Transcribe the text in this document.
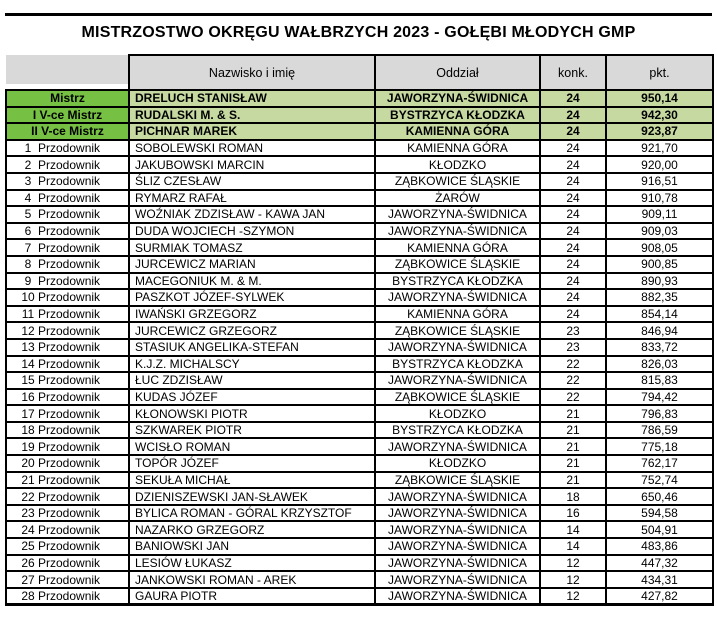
MISTRZOSTWO OKRĘGU WAŁBRZYCH 2023 - GOŁĘBI MŁODYCH GMP
	Nazwisko i imię	Oddział	konk.	pkt.
Mistrz	DRELUCH STANISŁAW	JAWORZYNA-ŚWIDNICA	24	950,14
I V-ce Mistrz	RUDALSKI M. & S.	BYSTRZYCA KŁODZKA	24	942,30
II V-ce Mistrz	PICHNAR MAREK	KAMIENNA GÓRA	24	923,87
1 Przodownik	SOBOLEWSKI ROMAN	KAMIENNA GÓRA	24	921,70
2 Przodownik	JAKUBOWSKI MARCIN	KŁODZKO	24	920,00
3 Przodownik	ŚLIZ CZESŁAW	ZĄBKOWICE ŚLĄSKIE	24	916,51
4 Przodownik	RYMARZ RAFAŁ	ŻARÓW	24	910,78
5 Przodownik	WOŹNIAK ZDZISŁAW - KAWA JAN	JAWORZYNA-ŚWIDNICA	24	909,11
6 Przodownik	DUDA WOJCIECH -SZYMON	JAWORZYNA-ŚWIDNICA	24	909,03
7 Przodownik	SURMIAK TOMASZ	KAMIENNA GÓRA	24	908,05
8 Przodownik	JURCEWICZ MARIAN	ZĄBKOWICE ŚLĄSKIE	24	900,85
9 Przodownik	MACEGONIUK M. & M.	BYSTRZYCA KŁODZKA	24	890,93
10 Przodownik	PASZKOT JÓZEF-SYLWEK	JAWORZYNA-ŚWIDNICA	24	882,35
11 Przodownik	IWAŃSKI GRZEGORZ	KAMIENNA GÓRA	24	854,14
12 Przodownik	JURCEWICZ GRZEGORZ	ZĄBKOWICE ŚLĄSKIE	23	846,94
13 Przodownik	STASIUK ANGELIKA-STEFAN	JAWORZYNA-ŚWIDNICA	23	833,72
14 Przodownik	K.J.Z. MICHALSCY	BYSTRZYCA KŁODZKA	22	826,03
15 Przodownik	ŁUC ZDZISŁAW	JAWORZYNA-ŚWIDNICA	22	815,83
16 Przodownik	KUDAS JÓZEF	ZĄBKOWICE ŚLĄSKIE	22	794,42
17 Przodownik	KŁONOWSKI PIOTR	KŁODZKO	21	796,83
18 Przodownik	SZKWAREK PIOTR	BYSTRZYCA KŁODZKA	21	786,59
19 Przodownik	WCISŁO ROMAN	JAWORZYNA-ŚWIDNICA	21	775,18
20 Przodownik	TOPÓR JÓZEF	KŁODZKO	21	762,17
21 Przodownik	SEKUŁA MICHAŁ	ZĄBKOWICE ŚLĄSKIE	21	752,74
22 Przodownik	DZIENISZEWSKI JAN-SŁAWEK	JAWORZYNA-ŚWIDNICA	18	650,46
23 Przodownik	BYLICA ROMAN - GÓRAL KRZYSZTOF	JAWORZYNA-ŚWIDNICA	16	594,58
24 Przodownik	NAZARKO GRZEGORZ	JAWORZYNA-ŚWIDNICA	14	504,91
25 Przodownik	BANIOWSKI JAN	JAWORZYNA-ŚWIDNICA	14	483,86
26 Przodownik	LESIÓW ŁUKASZ	JAWORZYNA-ŚWIDNICA	12	447,32
27 Przodownik	JANKOWSKI ROMAN - AREK	JAWORZYNA-ŚWIDNICA	12	434,31
28 Przodownik	GAURA PIOTR	JAWORZYNA-ŚWIDNICA	12	427,82
